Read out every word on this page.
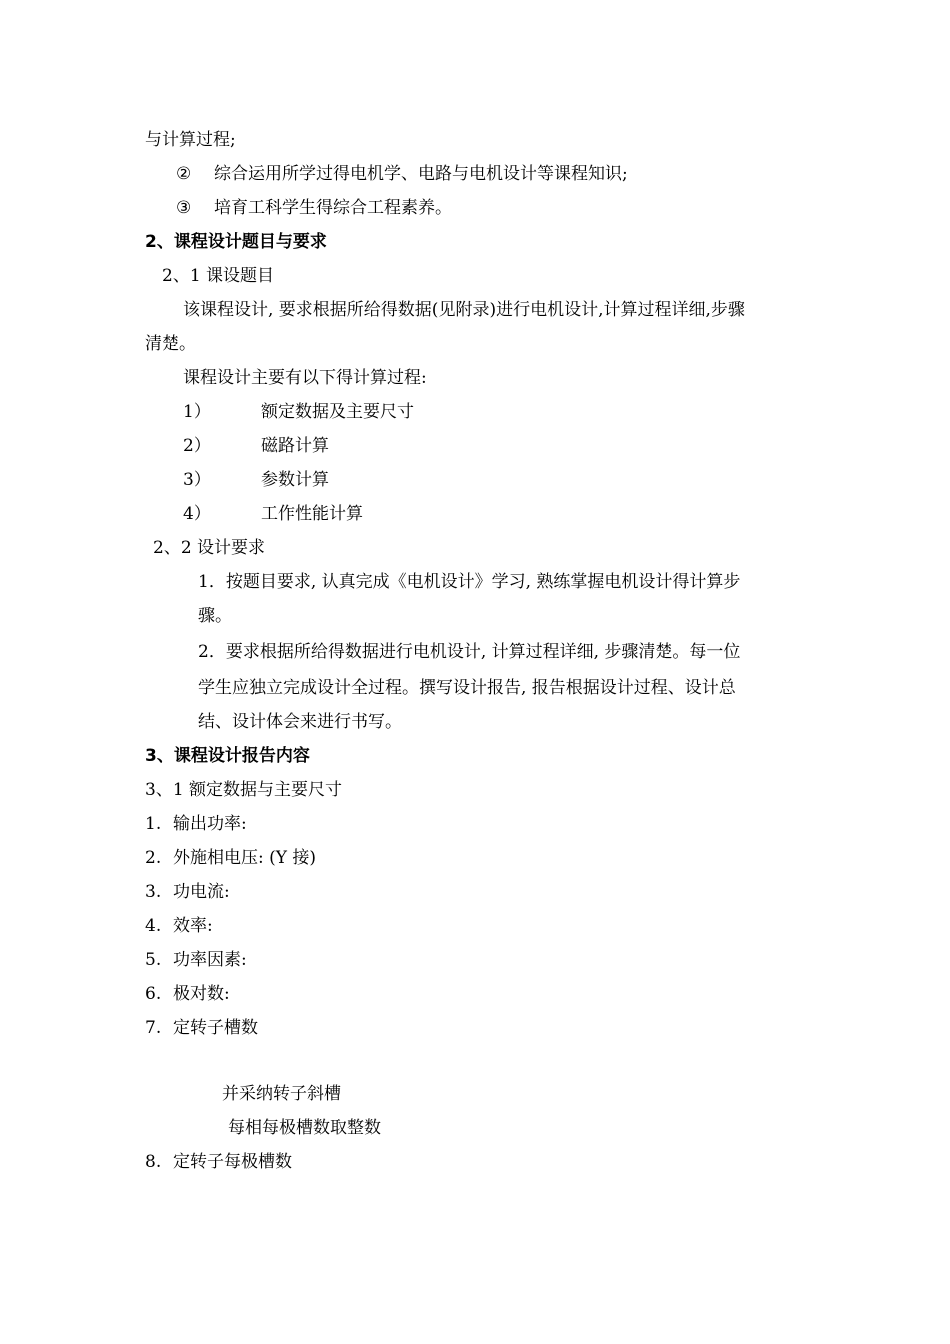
与计算过程;
② 综合运用所学过得电机学、电路与电机设计等课程知识;
③ 培育工科学生得综合工程素养。
2、课程设计题目与要求
2、1 课设题目
该课程设计, 要求根据所给得数据(见附录)进行电机设计,计算过程详细,步骤
清楚。
课程设计主要有以下得计算过程:
1）	额定数据及主要尺寸
2）	磁路计算
3）	参数计算
4）	工作性能计算
2、2 设计要求
1．按题目要求, 认真完成《电机设计》学习, 熟练掌握电机设计得计算步
骤。
2．要求根据所给得数据进行电机设计, 计算过程详细, 步骤清楚。每一位
学生应独立完成设计全过程。撰写设计报告, 报告根据设计过程、设计总
结、设计体会来进行书写。
3、课程设计报告内容
3、1 额定数据与主要尺寸
1. 输出功率:
2. 外施相电压: (Y 接)
3. 功电流:
4. 效率:
5. 功率因素:
6. 极对数:
7. 定转子槽数
并采纳转子斜槽
每相每极槽数取整数
8. 定转子每极槽数
